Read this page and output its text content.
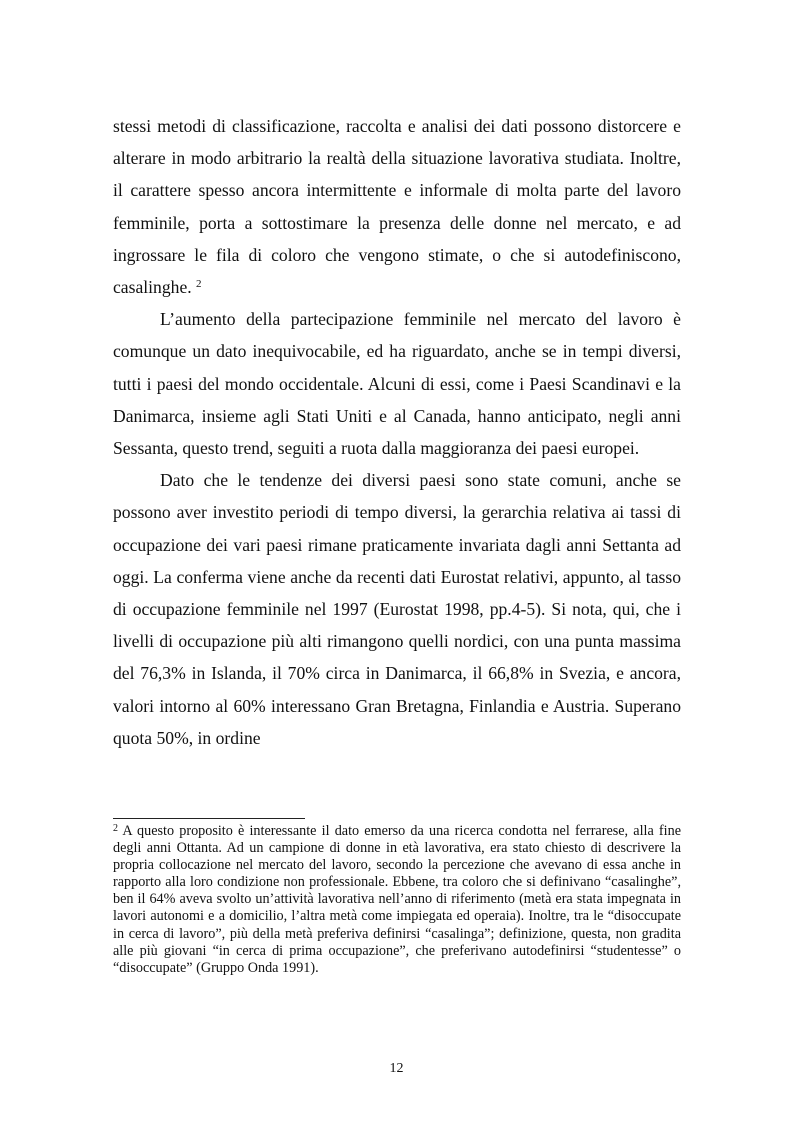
stessi metodi di classificazione, raccolta e analisi dei dati possono distorcere e alterare in modo arbitrario la realtà della situazione lavorativa studiata. Inoltre, il carattere spesso ancora intermittente e informale di molta parte del lavoro femminile, porta a sottostimare la presenza delle donne nel mercato, e ad ingrossare le fila di coloro che vengono stimate, o che si autodefiniscono, casalinghe. $^2$

L’aumento della partecipazione femminile nel mercato del lavoro è comunque un dato inequivocabile, ed ha riguardato, anche se in tempi diversi, tutti i paesi del mondo occidentale. Alcuni di essi, come i Paesi Scandinavi e la Danimarca, insieme agli Stati Uniti e al Canada, hanno anticipato, negli anni Sessanta, questo trend, seguiti a ruota dalla maggioranza dei paesi europei.

Dato che le tendenze dei diversi paesi sono state comuni, anche se possono aver investito periodi di tempo diversi, la gerarchia relativa ai tassi di occupazione dei vari paesi rimane praticamente invariata dagli anni Settanta ad oggi. La conferma viene anche da recenti dati Eurostat relativi, appunto, al tasso di occupazione femminile nel 1997 (Eurostat 1998, pp.4-5). Si nota, qui, che i livelli di occupazione più alti rimangono quelli nordici, con una punta massima del 76,3% in Islanda, il 70% circa in Danimarca, il 66,8% in Svezia, e ancora, valori intorno al 60% interessano Gran Bretagna, Finlandia e Austria. Superano quota 50%, in ordine

$^2$ A questo proposito è interessante il dato emerso da una ricerca condotta nel ferrarese, alla fine degli anni Ottanta. Ad un campione di donne in età lavorativa, era stato chiesto di descrivere la propria collocazione nel mercato del lavoro, secondo la percezione che avevano di essa anche in rapporto alla loro condizione non professionale. Ebbene, tra coloro che si definivano “casalinghe”, ben il 64% aveva svolto un’attività lavorativa nell’anno di riferimento (metà era stata impegnata in lavori autonomi e a domicilio, l’altra metà come impiegata ed operaia). Inoltre, tra le “disoccupate in cerca di lavoro”, più della metà preferiva definirsi “casalinga”; definizione, questa, non gradita alle più giovani “in cerca di prima occupazione”, che preferivano autodefinirsi “studentesse” o “disoccupate” (Gruppo Onda 1991).
12
